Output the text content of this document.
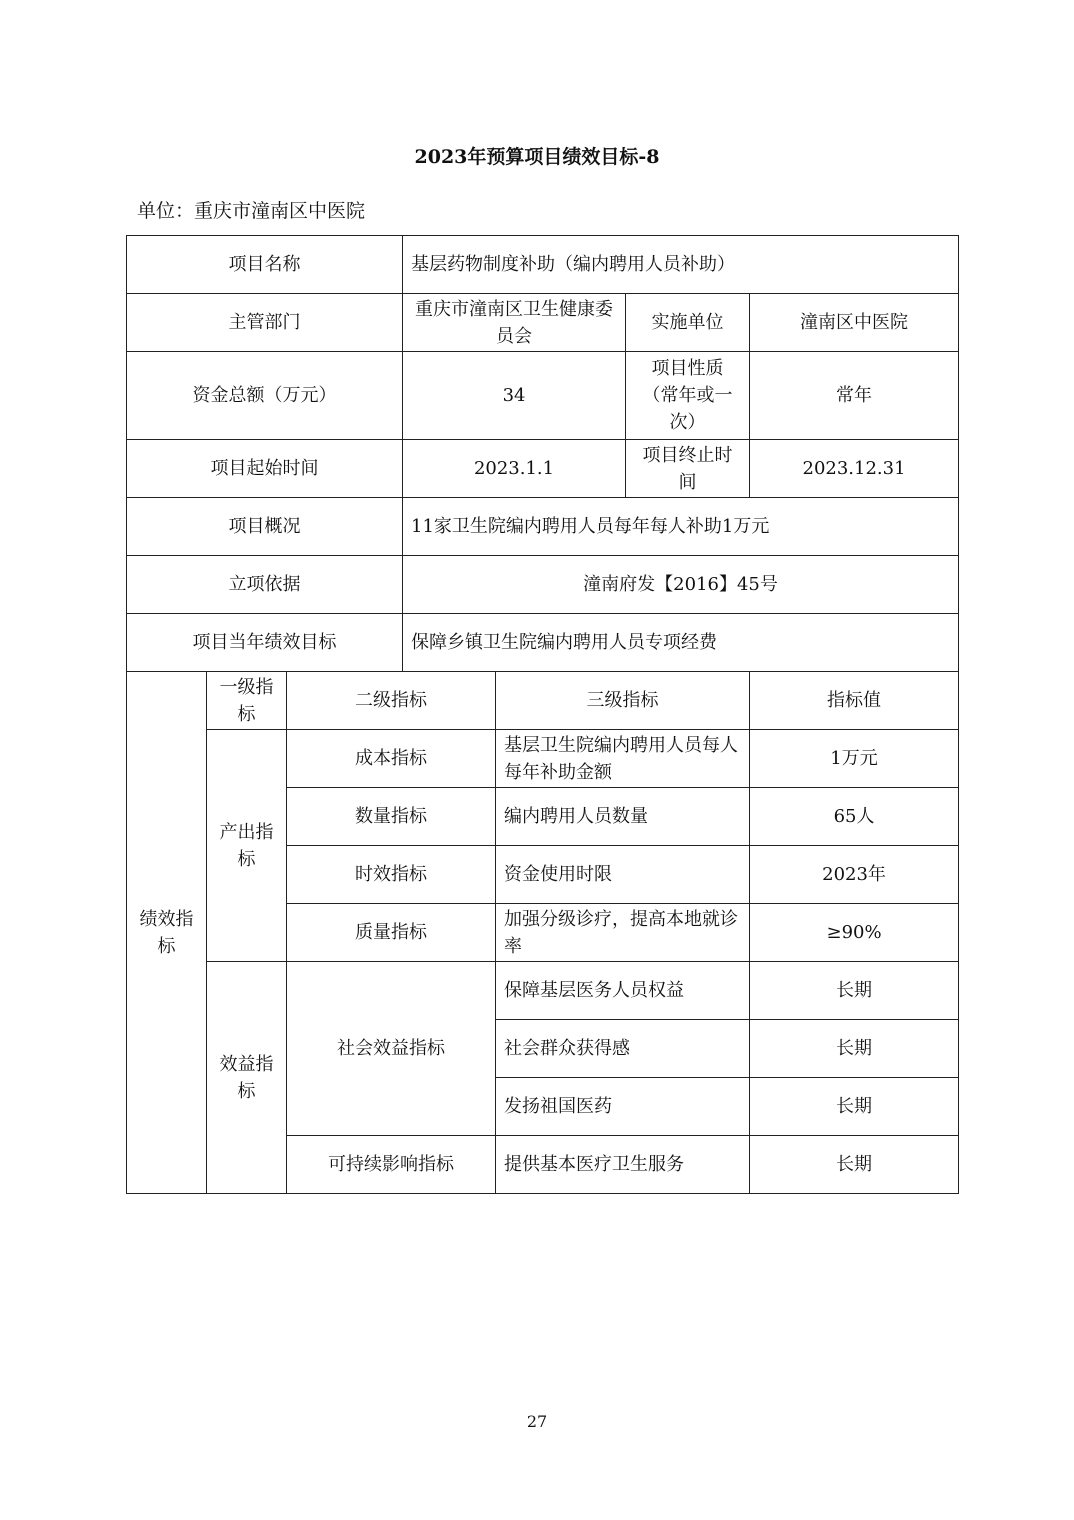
2023年预算项目绩效目标-8
单位：重庆市潼南区中医院
项目名称			基层药物制度补助（编内聘用人员补助）			
主管部门			重庆市潼南区卫生健康委员会		实施单位	潼南区中医院
资金总额（万元）			34		项目性质（常年或一次）	常年
项目起始时间			2023.1.1		项目终止时间	2023.12.31
项目概况			11家卫生院编内聘用人员每年每人补助1万元			
立项依据			潼南府发【2016】45号			
项目当年绩效目标			保障乡镇卫生院编内聘用人员专项经费			
绩效指标	一级指标	二级指标		三级指标		指标值
	产出指标	成本指标		基层卫生院编内聘用人员每人每年补助金额		1万元
		数量指标		编内聘用人员数量		65人
		时效指标		资金使用时限		2023年
		质量指标		加强分级诊疗，提高本地就诊率		≥90%
	效益指标	社会效益指标		保障基层医务人员权益		长期
				社会群众获得感		长期
				发扬祖国医药		长期
		可持续影响指标		提供基本医疗卫生服务		长期
27
